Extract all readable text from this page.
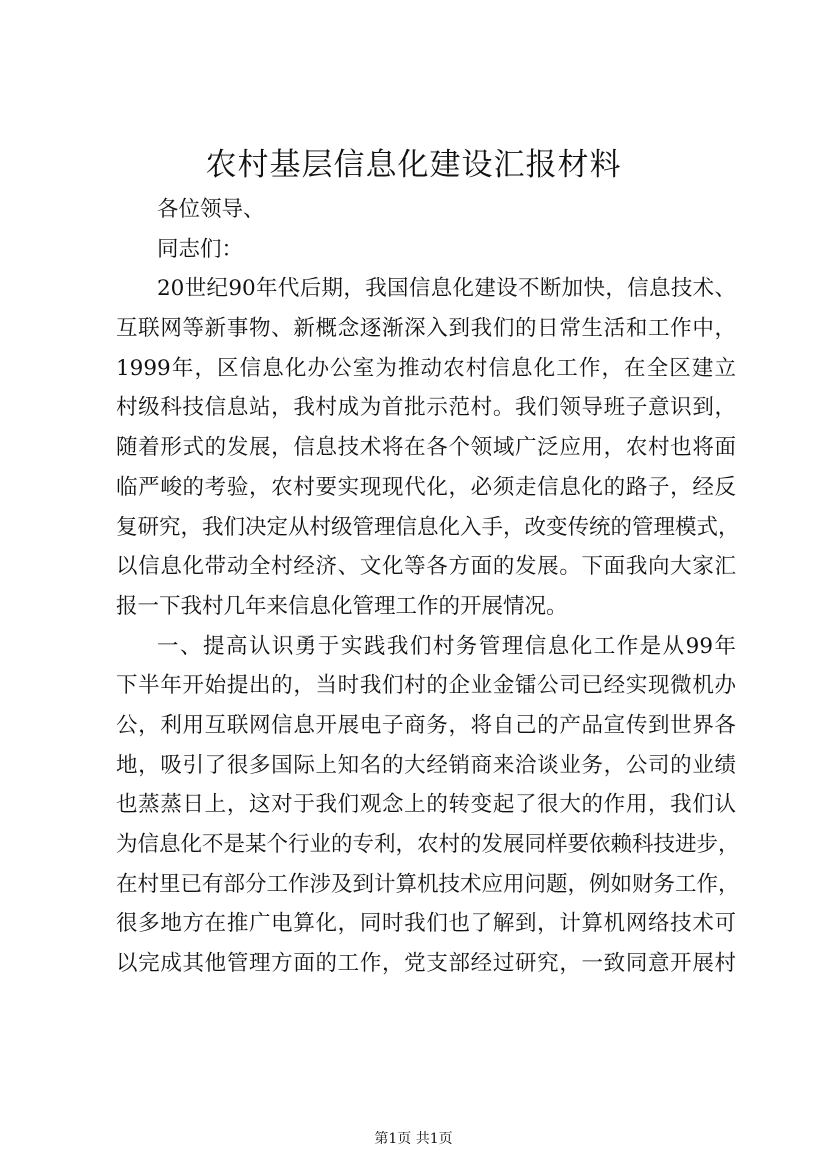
农村基层信息化建设汇报材料
各位领导、
同志们：
20世纪90年代后期，我国信息化建设不断加快，信息技术、
互联网等新事物、新概念逐渐深入到我们的日常生活和工作中，
1999年，区信息化办公室为推动农村信息化工作，在全区建立
村级科技信息站，我村成为首批示范村。我们领导班子意识到，
随着形式的发展，信息技术将在各个领域广泛应用，农村也将面
临严峻的考验，农村要实现现代化，必须走信息化的路子，经反
复研究，我们决定从村级管理信息化入手，改变传统的管理模式，
以信息化带动全村经济、文化等各方面的发展。下面我向大家汇
报一下我村几年来信息化管理工作的开展情况。
一、提高认识勇于实践我们村务管理信息化工作是从99年
下半年开始提出的，当时我们村的企业金镭公司已经实现微机办
公，利用互联网信息开展电子商务，将自己的产品宣传到世界各
地，吸引了很多国际上知名的大经销商来洽谈业务，公司的业绩
也蒸蒸日上，这对于我们观念上的转变起了很大的作用，我们认
为信息化不是某个行业的专利，农村的发展同样要依赖科技进步，
在村里已有部分工作涉及到计算机技术应用问题，例如财务工作，
很多地方在推广电算化，同时我们也了解到，计算机网络技术可
以完成其他管理方面的工作，党支部经过研究，一致同意开展村
第1页 共1页
